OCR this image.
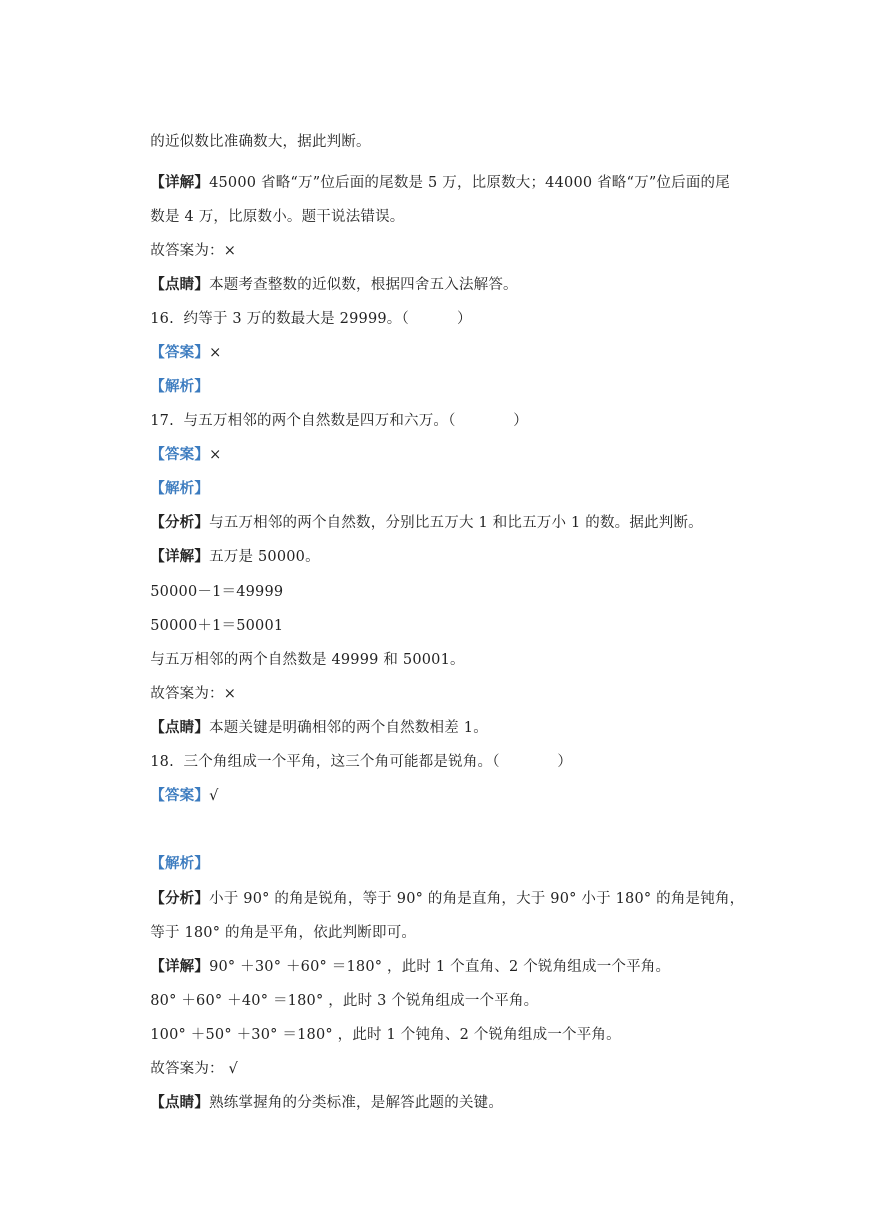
的近似数比准确数大，据此判断。

【详解】45000 省略“万”位后面的尾数是 5 万，比原数大；44000 省略“万”位后面的尾

数是 4 万，比原数小。题干说法错误。

故答案为：×

【点睛】本题考查整数的近似数，根据四舍五入法解答。

16.  约等于 3 万的数最大是 29999。（          ）

【答案】×

【解析】

17.  与五万相邻的两个自然数是四万和六万。（            ）

【答案】×

【解析】

【分析】与五万相邻的两个自然数，分别比五万大 1 和比五万小 1 的数。据此判断。

【详解】五万是 50000。

50000－1＝49999

50000＋1＝50001

与五万相邻的两个自然数是 49999 和 50001。

故答案为：×

【点睛】本题关键是明确相邻的两个自然数相差 1。

18.  三个角组成一个平角，这三个角可能都是锐角。（            ）

【答案】√

【解析】

【分析】小于 90° 的角是锐角，等于 90° 的角是直角，大于 90° 小于 180° 的角是钝角，

等于 180° 的角是平角，依此判断即可。

【详解】90° ＋30° ＋60° ＝180° ，此时 1 个直角、2 个锐角组成一个平角。

80° ＋60° ＋40° ＝180° ，此时 3 个锐角组成一个平角。

100° ＋50° ＋30° ＝180° ，此时 1 个钝角、2 个锐角组成一个平角。

故答案为： √

【点睛】熟练掌握角的分类标准，是解答此题的关键。
